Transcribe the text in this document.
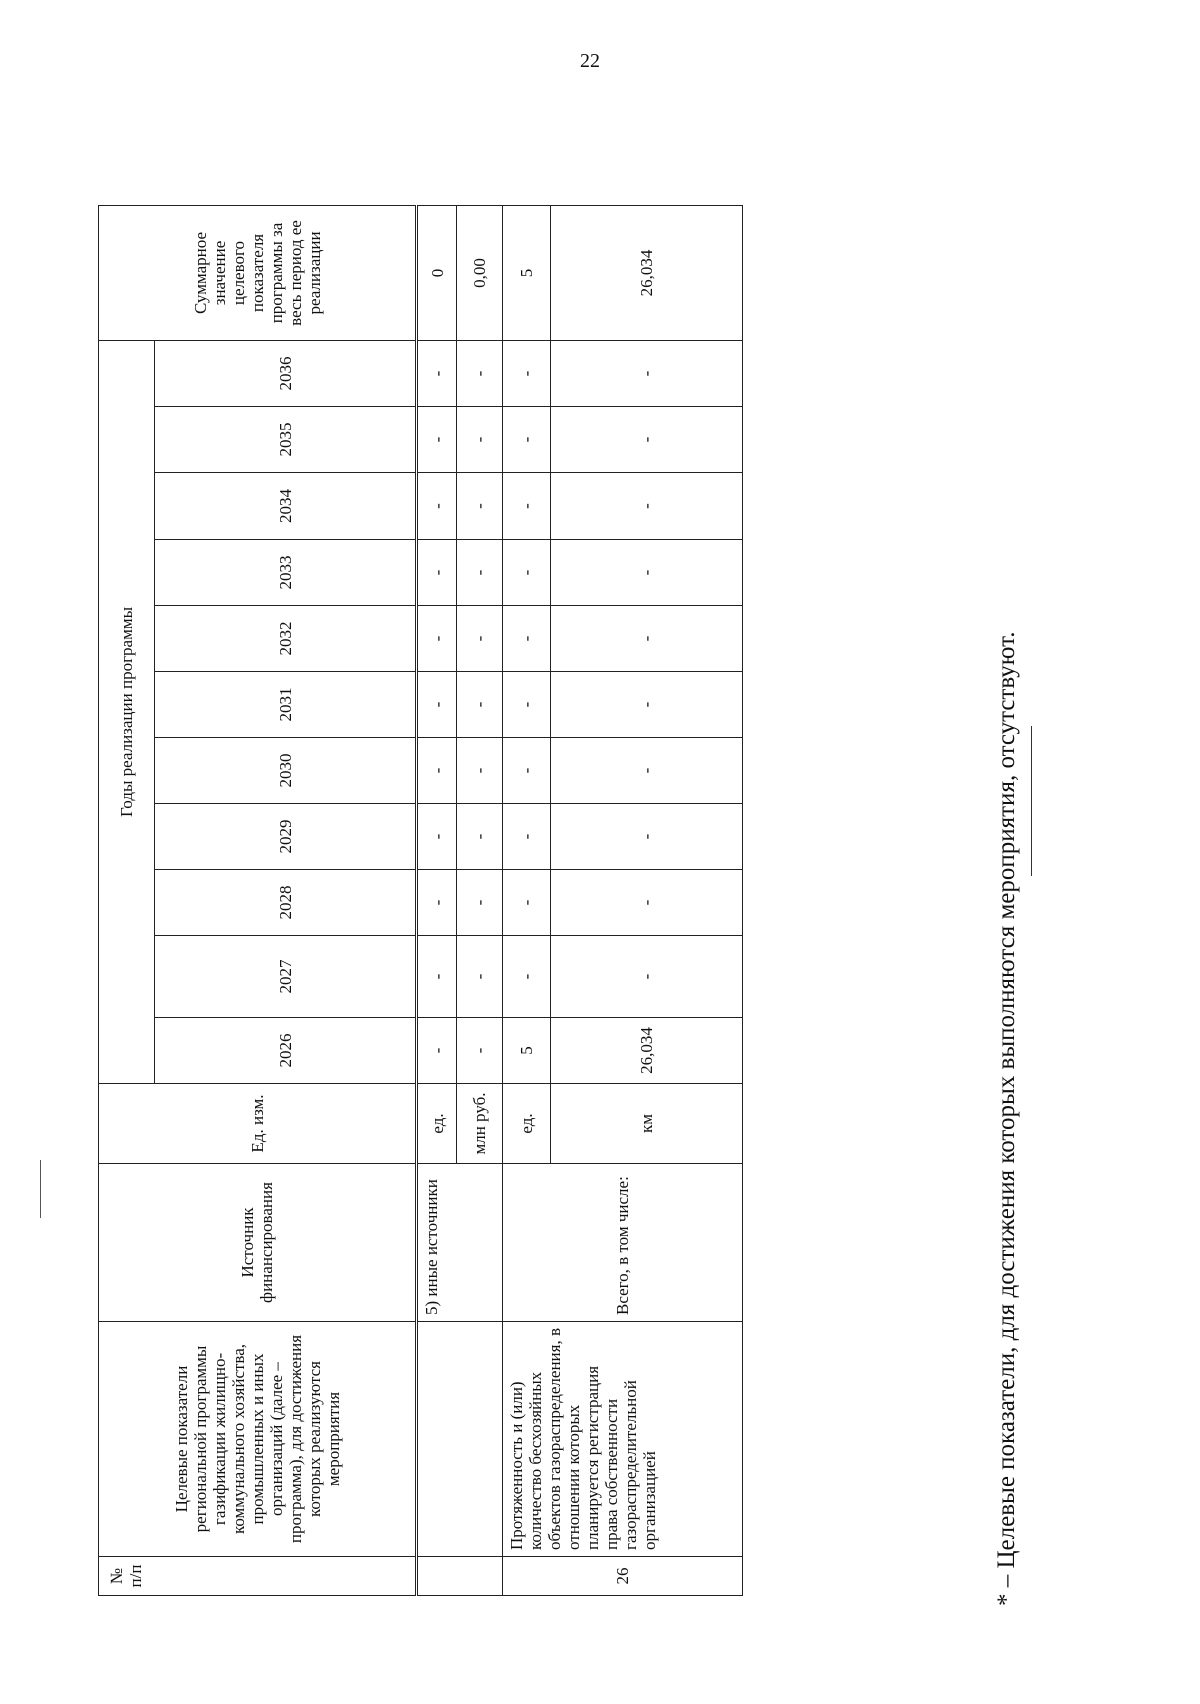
22
№ п/п	Целевые показатели региональной программы газификации жилищно-коммунального хозяйства, промышленных и иных организаций (далее – программа), для достижения которых реализуются мероприятия	Источник финансирования	Ед. изм.	Годы реализации программы											Суммарное значение целевого показателя программы за весь период ее реализации
				2026	2027	2028	2029	2030	2031	2032	2033	2034	2035	2036	
		5) иные источники	ед.	-	-	-	-	-	-	-	-	-	-	-	0
			млн руб.	-	-	-	-	-	-	-	-	-	-	-	0,00
26	Протяженность и (или) количество бесхозяйных объектов газораспределения, в отношении которых планируется регистрация права собственности газораспределительной организацией	Всего, в том числе:	ед.	5	-	-	-	-	-	-	-	-	-	-	5
			км	26,034	-	-	-	-	-	-	-	-	-	-	26,034
* – Целевые показатели, для достижения которых выполняются мероприятия, отсутствуют.
